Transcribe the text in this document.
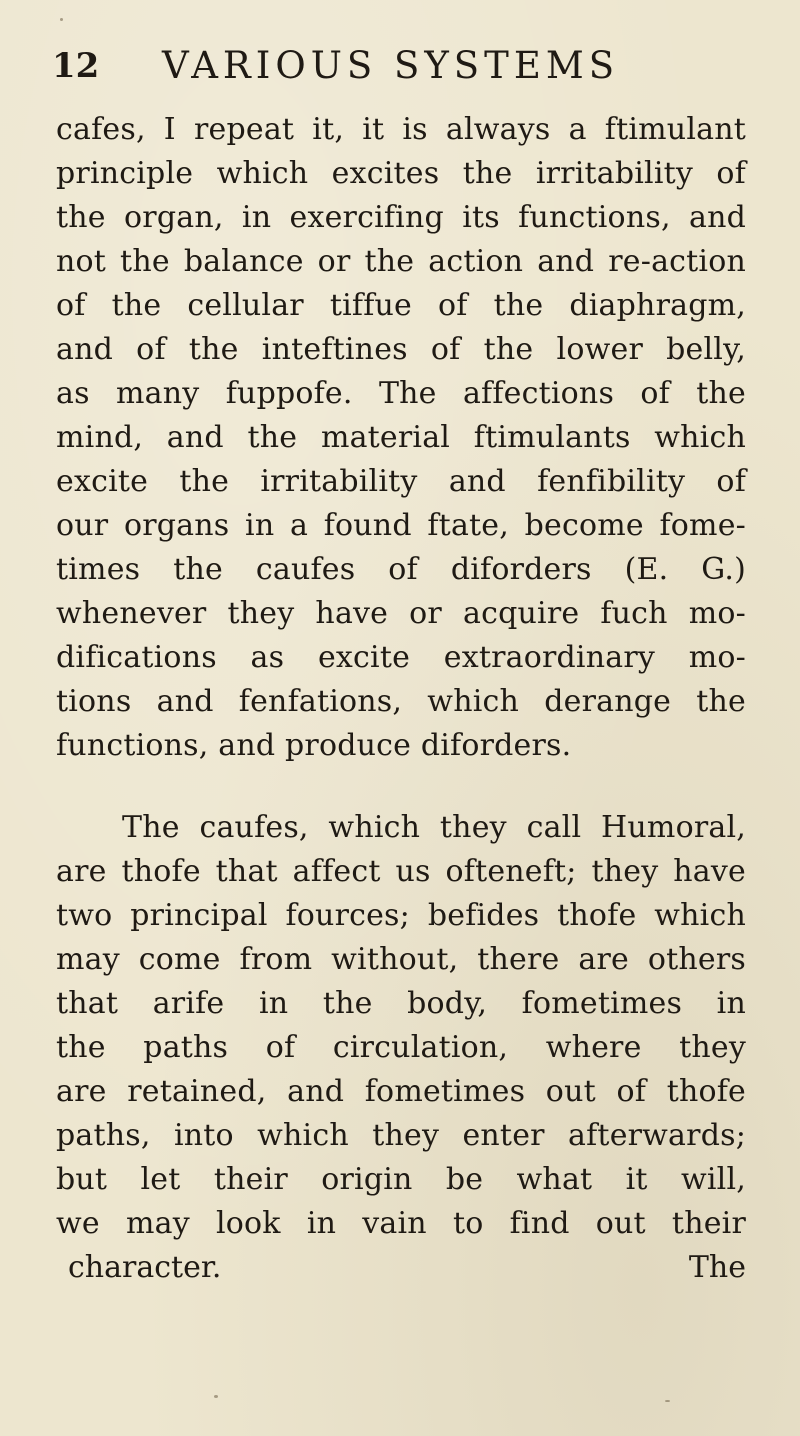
12 VARIOUS SYSTEMS
cafes, I repeat it, it is always a ftimulant
principle which excites the irritability of
the organ, in exercifing its functions, and
not the balance or the action and re-action
of the cellular tiffue of the diaphragm,
and of the inteftines of the lower belly,
as many fuppofe. The affections of the
mind, and the material ftimulants which
excite the irritability and fenfibility of
our organs in a found ftate, become fome-
times the caufes of diforders (E. G.)
whenever they have or acquire fuch mo-
difications as excite extraordinary mo-
tions and fenfations, which derange the
functions, and produce diforders.
The caufes, which they call Humoral,
are thofe that affect us ofteneft; they have
two principal fources; befides thofe which
may come from without, there are others
that arife in the body, fometimes in
the paths of circulation, where they
are retained, and fometimes out of thofe
paths, into which they enter afterwards;
but let their origin be what it will,
we may look in vain to find out their
character.	The
